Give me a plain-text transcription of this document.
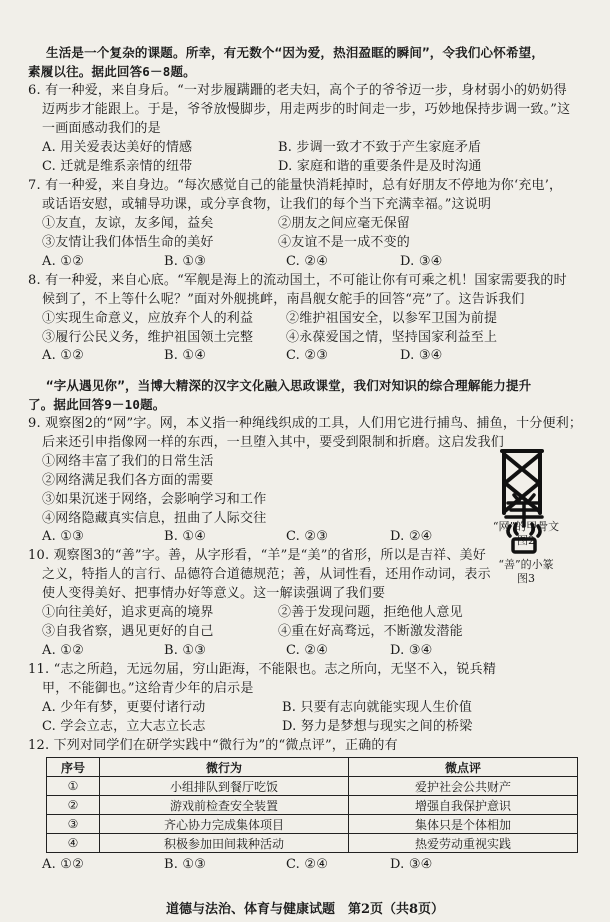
生活是一个复杂的课题。所幸，有无数个“因为爱，热泪盈眶的瞬间”，令我们心怀希望，
素履以往。据此回答6－8题。
6. 有一种爱，来自身后。“一对步履蹒跚的老夫妇，高个子的爷爷迈一步，身材弱小的奶奶得
迈两步才能跟上。于是，爷爷放慢脚步，用走两步的时间走一步，巧妙地保持步调一致。”这
一画面感动我们的是
A. 用关爱表达美好的情感	B. 步调一致才不致于产生家庭矛盾
C. 迁就是维系亲情的纽带	D. 家庭和谐的重要条件是及时沟通
7. 有一种爱，来自身边。“每次感觉自己的能量快消耗掉时，总有好朋友不停地为你‘充电’，
或话语安慰，或辅导功课，或分享食物，让我们的每个当下充满幸福。”这说明
①友直，友谅，友多闻，益矣	②朋友之间应毫无保留
③友情让我们体悟生命的美好	④友谊不是一成不变的
A. ①②	B. ①③	C. ②④	D. ③④
8. 有一种爱，来自心底。“军舰是海上的流动国土，不可能让你有可乘之机！国家需要我的时
候到了，不上等什么呢？”面对外舰挑衅，南昌舰女舵手的回答“亮”了。这告诉我们
①实现生命意义，应放弃个人的利益	②维护祖国安全，以参军卫国为前提
③履行公民义务，维护祖国领土完整	④永葆爱国之情，坚持国家利益至上
A. ①②	B. ①④	C. ②③	D. ③④
“字从遇见你”，当博大精深的汉字文化融入思政课堂，我们对知识的综合理解能力提升
了。据此回答9－10题。
9. 观察图2的“网”字。网，本义指一种绳线织成的工具，人们用它进行捕鸟、捕鱼，十分便利；
后来还引申指像网一样的东西，一旦堕入其中，要受到限制和折磨。这启发我们
①网络丰富了我们的日常生活
②网络满足我们各方面的需要
③如果沉迷于网络，会影响学习和工作
④网络隐藏真实信息，扭曲了人际交往
A. ①③	B. ①④	C. ②③	D. ②④
“网”的甲骨文
图2
10. 观察图3的“善”字。善，从字形看，“羊”是“美”的省形，所以是吉祥、美好
之义，特指人的言行、品德符合道德规范；善，从词性看，还用作动词，表示
使人变得美好、把事情办好等意义。这一解读强调了我们要
①向往美好，追求更高的境界	②善于发现问题，拒绝他人意见
③自我省察，遇见更好的自己	④重在好高骛远，不断激发潜能
“善”的小篆
图3
A. ①②	B. ①③	C. ②④	D. ③④
11. “志之所趋，无远勿届，穷山距海，不能限也。志之所向，无坚不入，锐兵精
甲，不能御也。”这给青少年的启示是
A. 少年有梦，更要付诸行动	B. 只要有志向就能实现人生价值
C. 学会立志，立大志立长志	D. 努力是梦想与现实之间的桥梁
12. 下列对同学们在研学实践中“微行为”的“微点评”，正确的有
序号	微行为	微点评
①	小组排队到餐厅吃饭	爱护社会公共财产
②	游戏前检查安全装置	增强自我保护意识
③	齐心协力完成集体项目	集体只是个体相加
④	积极参加田间栽种活动	热爱劳动重视实践
A. ①②	B. ①③	C. ②④	D. ③④
道德与法治、体育与健康试题　第2页（共8页）
